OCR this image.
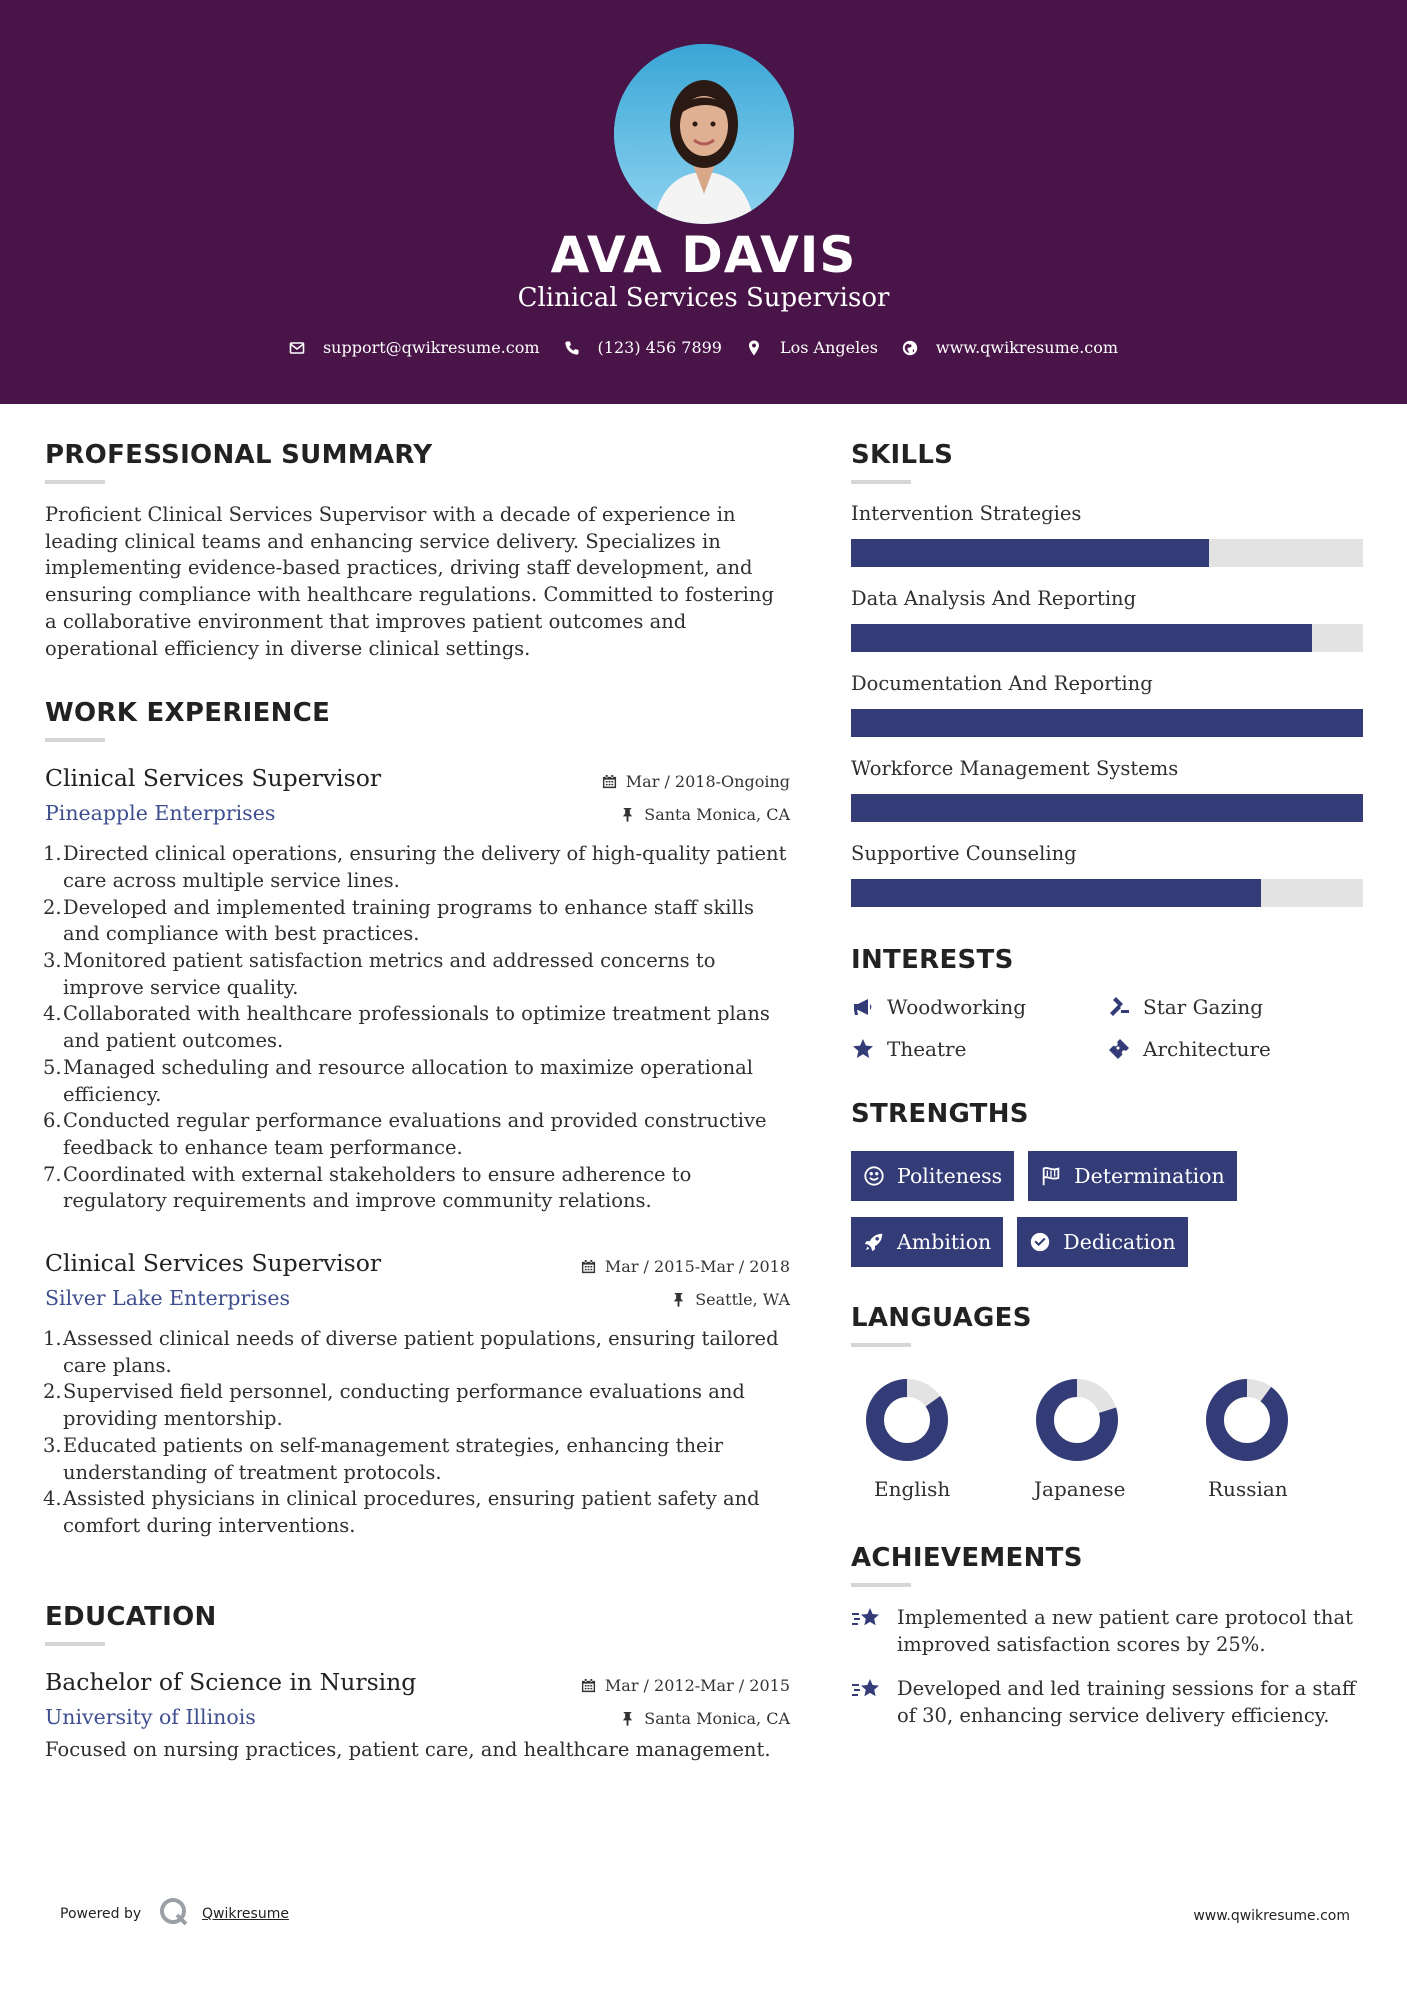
AVA DAVIS
Clinical Services Supervisor
support@qwikresume.com	(123) 456 7899	Los Angeles	www.qwikresume.com
PROFESSIONAL SUMMARY

Proficient Clinical Services Supervisor with a decade of experience in leading clinical teams and enhancing service delivery. Specializes in implementing evidence-based practices, driving staff development, and ensuring compliance with healthcare regulations. Committed to fostering a collaborative environment that improves patient outcomes and operational efficiency in diverse clinical settings.

WORK EXPERIENCE
Clinical Services Supervisor
Pineapple Enterprises
Mar / 2018-Ongoing
Santa Monica, CA
1. Directed clinical operations, ensuring the delivery of high-quality patient care across multiple service lines.
2. Developed and implemented training programs to enhance staff skills and compliance with best practices.
3. Monitored patient satisfaction metrics and addressed concerns to improve service quality.
4. Collaborated with healthcare professionals to optimize treatment plans and patient outcomes.
5. Managed scheduling and resource allocation to maximize operational efficiency.
6. Conducted regular performance evaluations and provided constructive feedback to enhance team performance.
7. Coordinated with external stakeholders to ensure adherence to regulatory requirements and improve community relations.
Clinical Services Supervisor
Silver Lake Enterprises
Mar / 2015-Mar / 2018
Seattle, WA
1. Assessed clinical needs of diverse patient populations, ensuring tailored care plans.
2. Supervised field personnel, conducting performance evaluations and providing mentorship.
3. Educated patients on self-management strategies, enhancing their understanding of treatment protocols.
4. Assisted physicians in clinical procedures, ensuring patient safety and comfort during interventions.
EDUCATION
Bachelor of Science in Nursing
University of Illinois
Mar / 2012-Mar / 2015
Santa Monica, CA

Focused on nursing practices, patient care, and healthcare management.

SKILLS
Intervention Strategies
Data Analysis And Reporting
Documentation And Reporting
Workforce Management Systems
Supportive Counseling
INTERESTS
Woodworking	Star Gazing
Theatre	Architecture
STRENGTHS
Politeness	Determination
Ambition	Dedication
LANGUAGES
English	Japanese	Russian
ACHIEVEMENTS
Implemented a new patient care protocol that improved satisfaction scores by 25%.
Developed and led training sessions for a staff of 30, enhancing service delivery efficiency.
Powered by	Qwikresume	www.qwikresume.com
